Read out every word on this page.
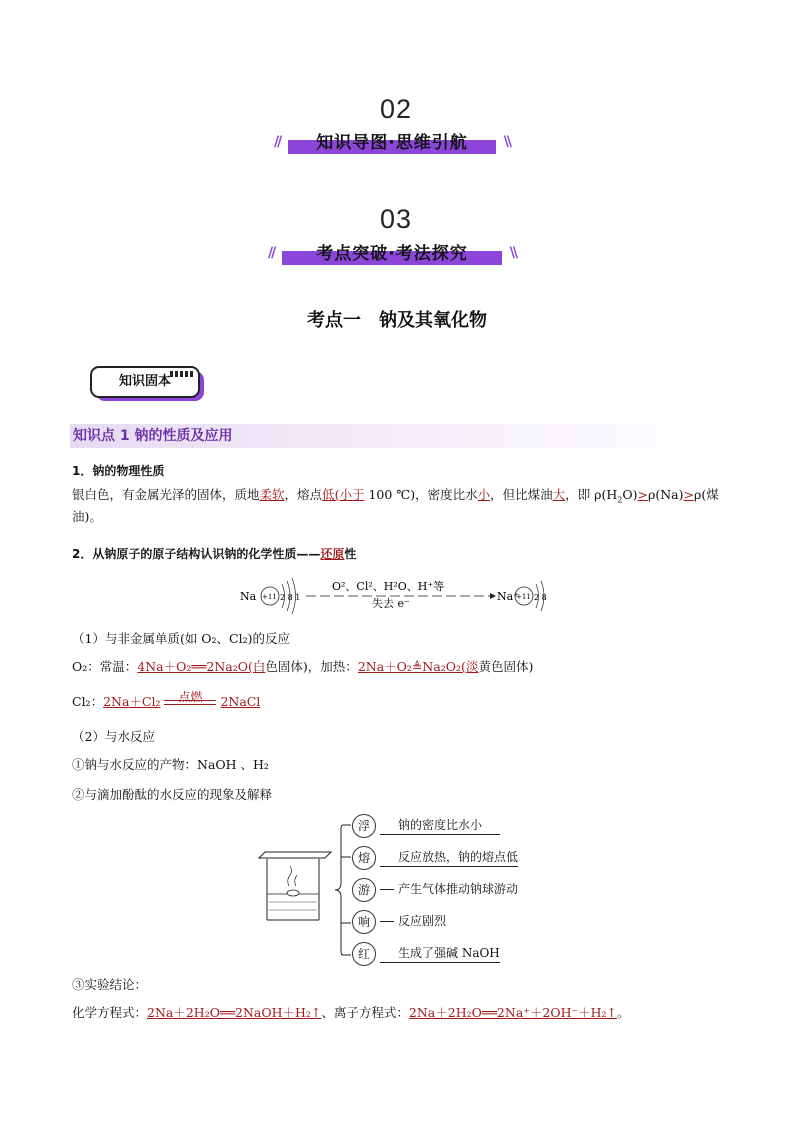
02
//	知识导图·思维引航	\\
03
//	考点突破·考法探究	\\
考点一　钠及其氧化物
知识固本
知识点 1 钠的性质及应用
1．钠的物理性质
银白色，有金属光泽的固体，质地柔软，熔点低(小于 100 ℃)，密度比水小，但比煤油大，即 $\rho(H_2O)>\rho(Na)>\rho$(煤
油)。
2．从钠原子的原子结构认识钠的化学性质——还原性
Na +11 2 8 1
O²、Cl²、H²O、H⁺等
失去 e⁻
Na⁺
+11 2 8
（1）与非金属单质(如 O₂、Cl₂)的反应
O₂：常温：4Na＋O₂══2Na₂O(白色固体)，加热：2Na＋O₂≜Na₂O₂(淡黄色固体)
Cl₂：2Na＋Cl₂	点燃	2NaCl
（2）与水反应
①钠与水反应的产物：NaOH 、H₂
②与滴加酚酞的水反应的现象及解释
浮	钠的密度比水小
熔	反应放热，钠的熔点低
游	产生气体推动钠球游动
响	反应剧烈
红	生成了强碱 NaOH
③实验结论：
化学方程式：2Na＋2H₂O══2NaOH＋H₂↑、离子方程式：2Na＋2H₂O══2Na⁺＋2OH⁻＋H₂↑。
